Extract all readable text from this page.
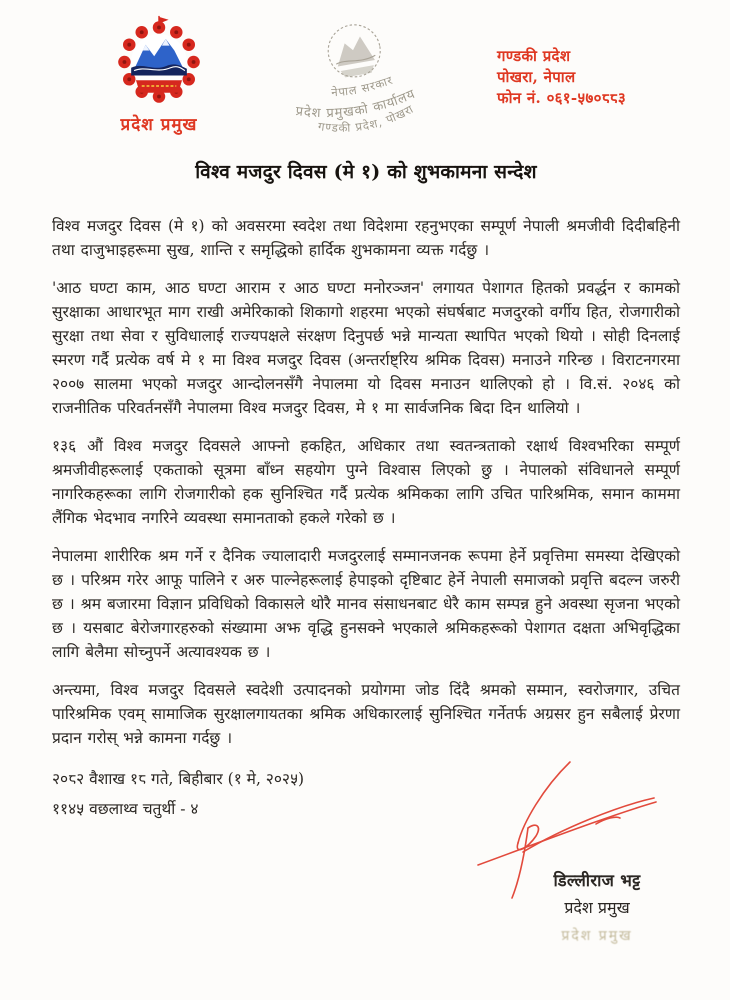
प्रदेश प्रमुख
नेपाल सरकार
प्रदेश प्रमुखको कार्यालय
गण्डकी प्रदेश, पोखरा
गण्डकी प्रदेश
पोखरा, नेपाल
फोन नं. ०६१-५७०८८३
विश्व मजदुर दिवस (मे १) को शुभकामना सन्देश

विश्व मजदुर दिवस (मे १) को अवसरमा स्वदेश तथा विदेशमा रहनुभएका सम्पूर्ण नेपाली श्रमजीवी दिदीबहिनी तथा दाजुभाइहरूमा सुख, शान्ति र समृद्धिको हार्दिक शुभकामना व्यक्त गर्दछु ।

'आठ घण्टा काम, आठ घण्टा आराम र आठ घण्टा मनोरञ्जन' लगायत पेशागत हितको प्रवर्द्धन र कामको सुरक्षाका आधारभूत माग राखी अमेरिकाको शिकागो शहरमा भएको संघर्षबाट मजदुरको वर्गीय हित, रोजगारीको सुरक्षा तथा सेवा र सुविधालाई राज्यपक्षले संरक्षण दिनुपर्छ भन्ने मान्यता स्थापित भएको थियो । सोही दिनलाई स्मरण गर्दै प्रत्येक वर्ष मे १ मा विश्व मजदुर दिवस (अन्तर्राष्ट्रिय श्रमिक दिवस) मनाउने गरिन्छ । विराटनगरमा २००७ सालमा भएको मजदुर आन्दोलनसँगै नेपालमा यो दिवस मनाउन थालिएको हो । वि.सं. २०४६ को राजनीतिक परिवर्तनसँगै नेपालमा विश्व मजदुर दिवस, मे १ मा सार्वजनिक बिदा दिन थालियो ।

१३६ औं विश्व मजदुर दिवसले आफ्नो हकहित, अधिकार तथा स्वतन्त्रताको रक्षार्थ विश्वभरिका सम्पूर्ण श्रमजीवीहरूलाई एकताको सूत्रमा बाँध्न सहयोग पुग्ने विश्वास लिएको छु । नेपालको संविधानले सम्पूर्ण नागरिकहरूका लागि रोजगारीको हक सुनिश्चित गर्दै प्रत्येक श्रमिकका लागि उचित पारिश्रमिक, समान काममा लैंगिक भेदभाव नगरिने व्यवस्था समानताको हकले गरेको छ ।

नेपालमा शारीरिक श्रम गर्ने र दैनिक ज्यालादारी मजदुरलाई सम्मानजनक रूपमा हेर्ने प्रवृत्तिमा समस्या देखिएको छ । परिश्रम गरेर आफू पालिने र अरु पाल्नेहरूलाई हेपाइको दृष्टिबाट हेर्ने नेपाली समाजको प्रवृत्ति बदल्न जरुरी छ । श्रम बजारमा विज्ञान प्रविधिको विकासले थोरै मानव संसाधनबाट धेरै काम सम्पन्न हुने अवस्था सृजना भएको छ । यसबाट बेरोजगारहरुको संख्यामा अझ वृद्धि हुनसक्ने भएकाले श्रमिकहरूको पेशागत दक्षता अभिवृद्धिका लागि बेलैमा सोच्नुपर्ने अत्यावश्यक छ ।

अन्त्यमा, विश्व मजदुर दिवसले स्वदेशी उत्पादनको प्रयोगमा जोड दिंदै श्रमको सम्मान, स्वरोजगार, उचित पारिश्रमिक एवम् सामाजिक सुरक्षालगायतका श्रमिक अधिकारलाई सुनिश्चित गर्नेतर्फ अग्रसर हुन सबैलाई प्रेरणा प्रदान गरोस् भन्ने कामना गर्दछु ।

२०८२ वैशाख १८ गते, बिहीबार (१ मे, २०२५)
११४५ वछलाथ्व चतुर्थी - ४
डिल्लीराज भट्ट
प्रदेश प्रमुख
प्रदेश प्रमुख
